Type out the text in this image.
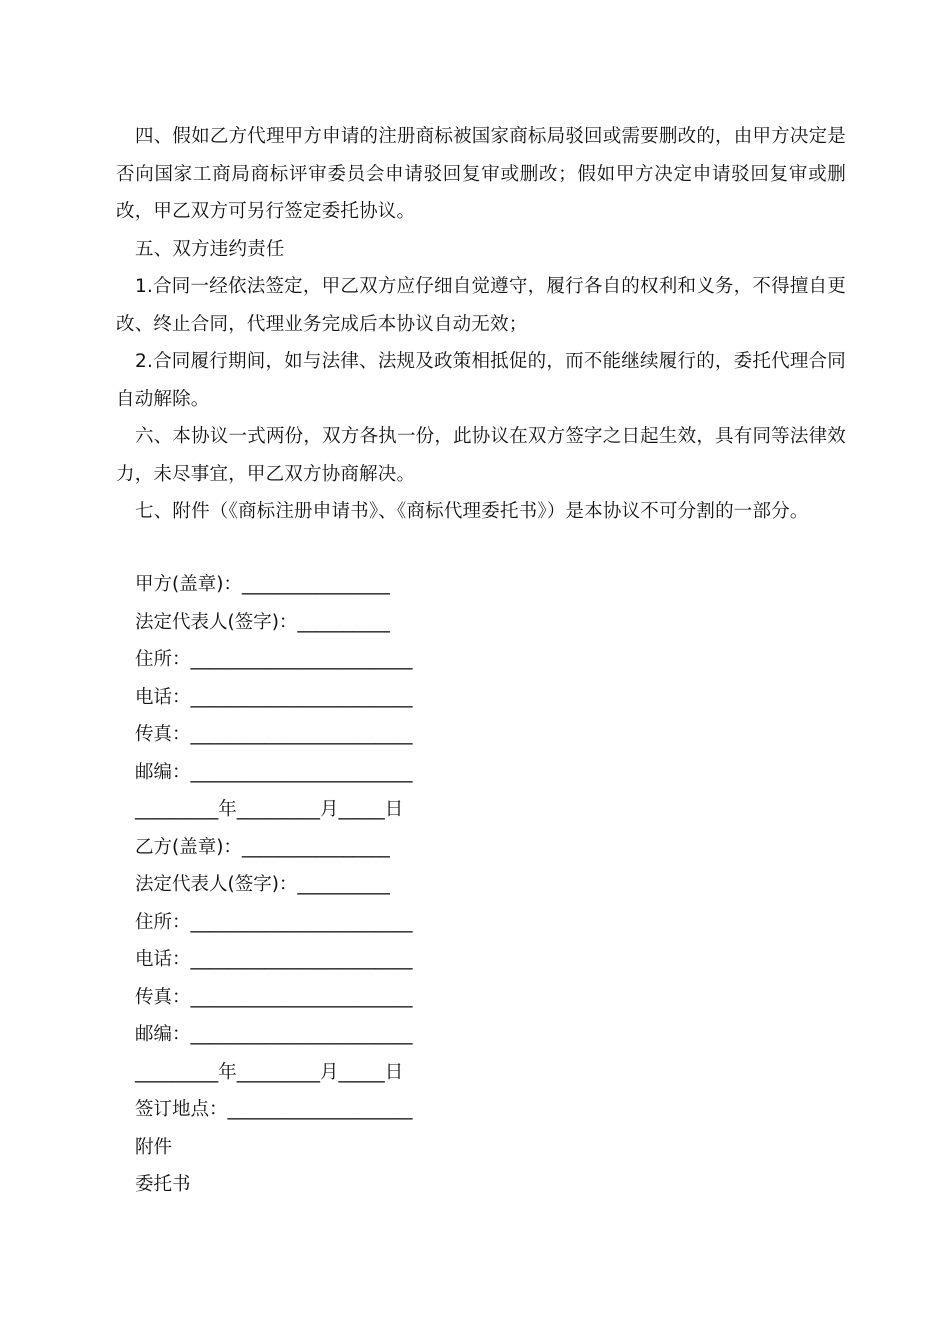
四、假如乙方代理甲方申请的注册商标被国家商标局驳回或需要删改的，由甲方决定是否向国家工商局商标评审委员会申请驳回复审或删改；假如甲方决定申请驳回复审或删改，甲乙双方可另行签定委托协议。

五、双方违约责任

1.合同一经依法签定，甲乙双方应仔细自觉遵守，履行各自的权利和义务，不得擅自更改、终止合同，代理业务完成后本协议自动无效；

2.合同履行期间，如与法律、法规及政策相抵促的，而不能继续履行的，委托代理合同自动解除。

六、本协议一式两份，双方各执一份，此协议在双方签字之日起生效，具有同等法律效力，未尽事宜，甲乙双方协商解决。

七、附件（《商标注册申请书》、《商标代理委托书》）是本协议不可分割的一部分。

甲方(盖章)：________________
法定代表人(签字)：__________
住所：________________________
电话：________________________
传真：________________________
邮编：________________________
_________年_________月_____日
乙方(盖章)：________________
法定代表人(签字)：__________
住所：________________________
电话：________________________
传真：________________________
邮编：________________________
_________年_________月_____日
签订地点：____________________
附件
委托书
